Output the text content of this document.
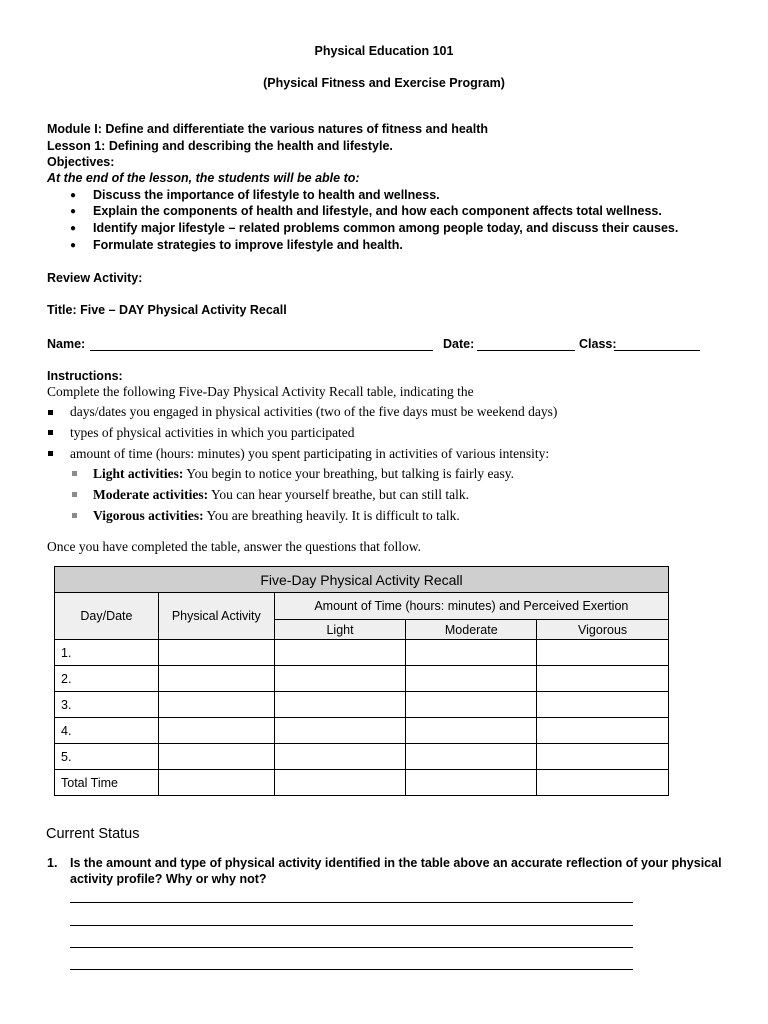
Physical Education 101
(Physical Fitness and Exercise Program)
Module I: Define and differentiate the various natures of fitness and health
Lesson 1: Defining and describing the health and lifestyle.
Objectives:
At the end of the lesson, the students will be able to:
● Discuss the importance of lifestyle to health and wellness.
● Explain the components of health and lifestyle, and how each component affects total wellness.
● Identify major lifestyle – related problems common among people today, and discuss their causes.
● Formulate strategies to improve lifestyle and health.
Review Activity:
Title: Five – DAY Physical Activity Recall
Name:	Date:	Class:
Instructions:
Complete the following Five-Day Physical Activity Recall table, indicating the
days/dates you engaged in physical activities (two of the five days must be weekend days)
types of physical activities in which you participated
amount of time (hours: minutes) you spent participating in activities of various intensity:
Light activities: You begin to notice your breathing, but talking is fairly easy.
Moderate activities: You can hear yourself breathe, but can still talk.
Vigorous activities: You are breathing heavily. It is difficult to talk.
Once you have completed the table, answer the questions that follow.
Five-Day Physical Activity Recall				
Day/Date	Physical Activity	Amount of Time (hours: minutes) and Perceived Exertion		
		Light	Moderate	Vigorous
1.				
2.				
3.				
4.				
5.				
Total Time				
Current Status
1. Is the amount and type of physical activity identified in the table above an accurate reflection of your physical
activity profile? Why or why not?
